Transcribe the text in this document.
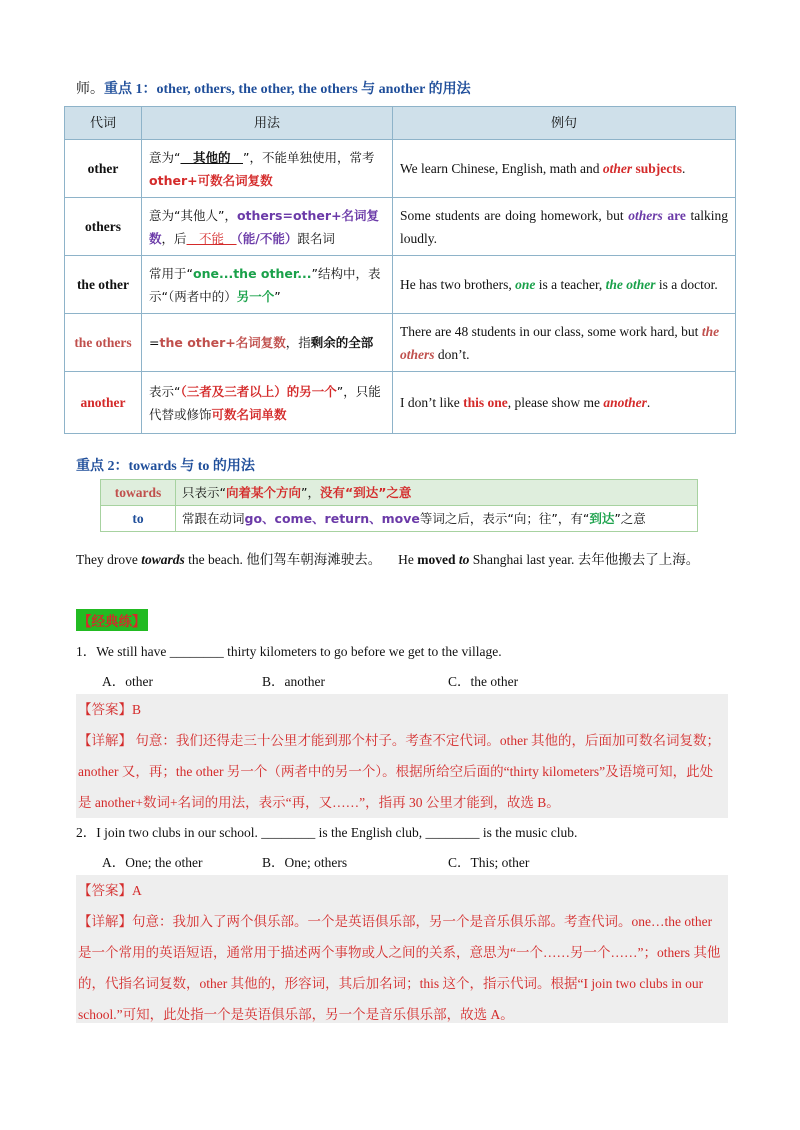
师。重点 1：other, others, the other, the others 与 another 的用法
代词	用法	例句
other	意为“　其他的　”，不能单独使用，常考other+可数名词复数	We learn Chinese, English, math and other subjects.
others	意为“其他人”，others=other+名词复数，后　不能　（能/不能）跟名词	Some students are doing homework, but others are talking loudly.
the other	常用于“one...the other...”结构中，表示“（两者中的）另一个”	He has two brothers, one is a teacher, the other is a doctor.
the others	=the other+名词复数，指剩余的全部	There are 48 students in our class, some work hard, but the others don’t.
another	表示“（三者及三者以上）的另一个”，只能代替或修饰可数名词单数	I don’t like this one, please show me another.
重点 2：towards 与 to 的用法
towards	只表示“向着某个方向”，没有“到达”之意
to	常跟在动词go、come、return、move等词之后，表示“向；往”，有“到达”之意
They drove towards the beach. 他们驾车朝海滩驶去。 He moved to Shanghai last year. 去年他搬去了上海。
【经典练】
1．We still have ________ thirty kilometers to go before we get to the village.
A．other	B．another	C．the other
【答案】B
【详解】 句意：我们还得走三十公里才能到那个村子。考查不定代词。other 其他的，后面加可数名词复数；another 又，再；the other 另一个（两者中的另一个）。根据所给空后面的“thirty kilometers”及语境可知，此处是 another+数词+名词的用法，表示“再，又……”，指再 30 公里才能到，故选 B。
2．I join two clubs in our school. ________ is the English club, ________ is the music club.
A．One; the other	B．One; others	C．This; other
【答案】A
【详解】句意：我加入了两个俱乐部。一个是英语俱乐部，另一个是音乐俱乐部。考查代词。one…the other 是一个常用的英语短语，通常用于描述两个事物或人之间的关系，意思为“一个……另一个……”；others 其他的，代指名词复数，other 其他的，形容词，其后加名词；this 这个，指示代词。根据“I join two clubs in our school.”可知，此处指一个是英语俱乐部，另一个是音乐俱乐部，故选 A。
